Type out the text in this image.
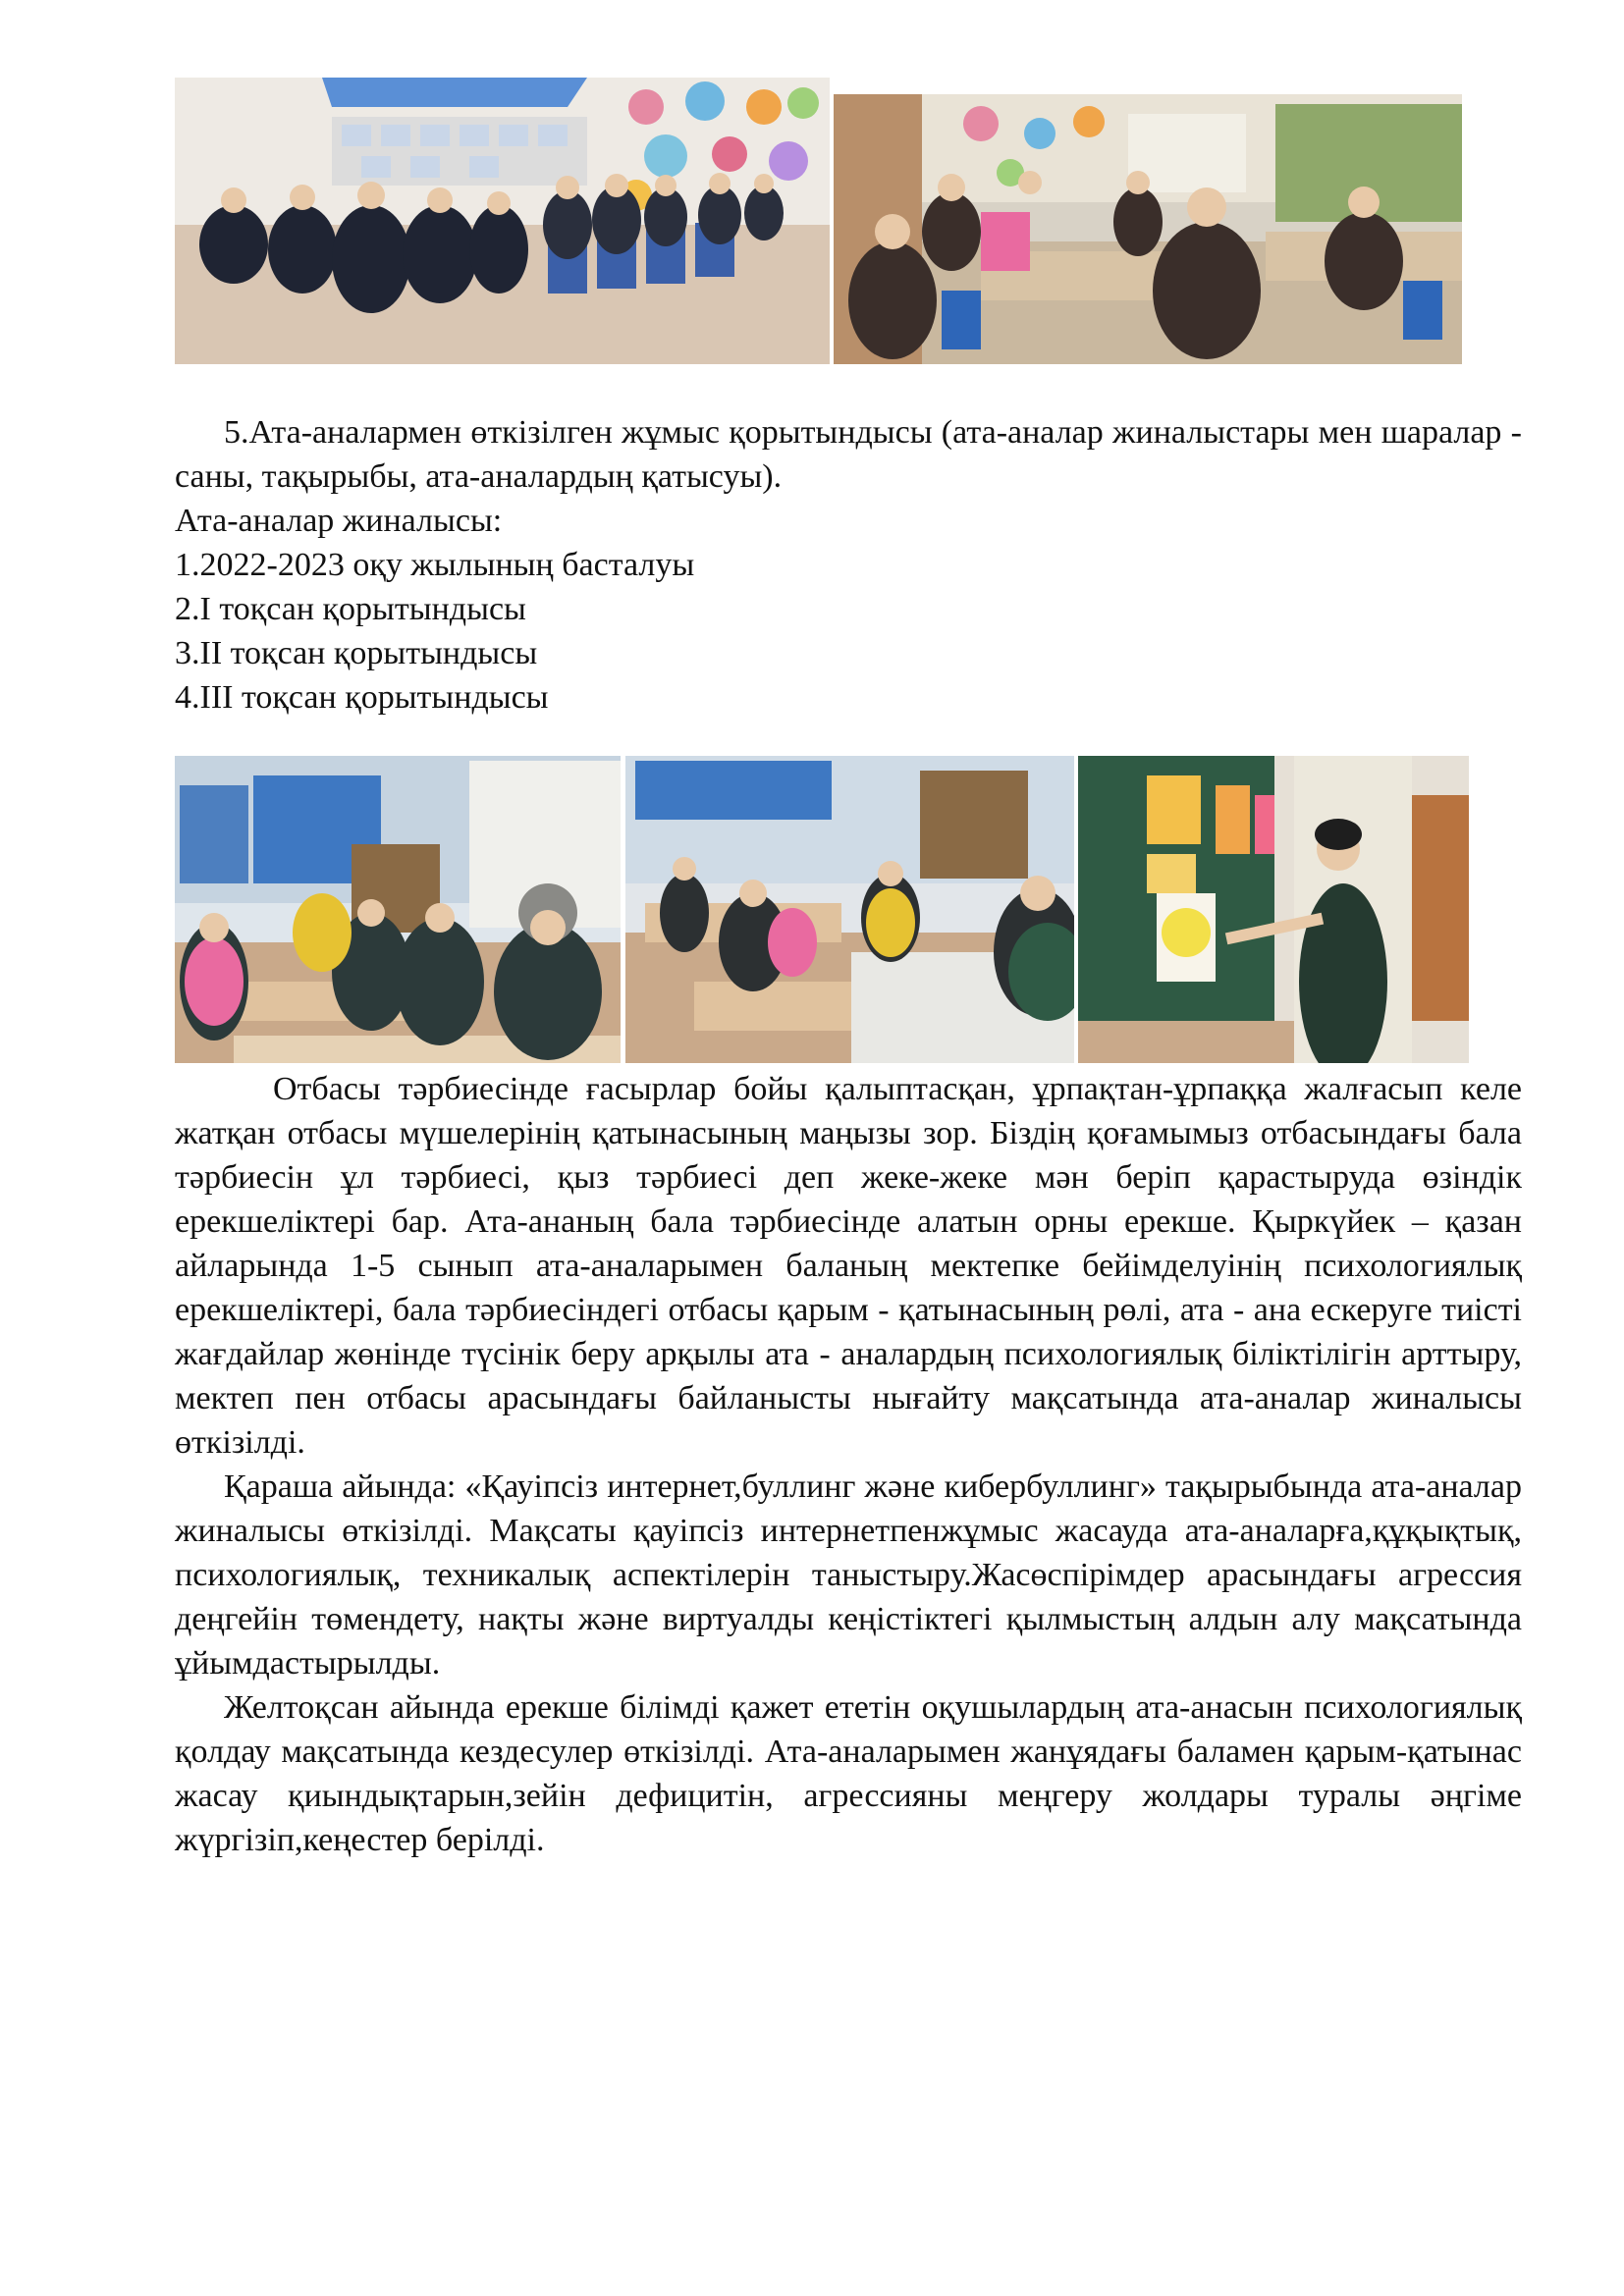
5.Ата-аналармен өткізілген жұмыс қорытындысы (ата-аналар жиналыстары мен шаралар - саны, тақырыбы, ата-аналардың қатысуы).

Ата-аналар жиналысы:

1.2022-2023 оқу жылының басталуы

2.I тоқсан қорытындысы

3.II тоқсан қорытындысы

4.III тоқсан қорытындысы

Отбасы тәрбиесінде ғасырлар бойы қалыптасқан, ұрпақтан-ұрпаққа жалғасып келе жатқан отбасы мүшелерінің қатынасының маңызы зор. Біздің қоғамымыз отбасындағы бала тәрбиесін ұл тәрбиесі, қыз тәрбиесі деп жеке-жеке мән беріп қарастыруда өзіндік ерекшеліктері бар. Ата-ананың бала тәрбиесінде алатын орны ерекше. Қыркүйек – қазан айларында 1-5 сынып ата-аналарымен баланың мектепке бейімделуінің психологиялық ерекшеліктері, бала тәрбиесіндегі отбасы қарым - қатынасының рөлі, ата - ана ескеруге тиісті жағдайлар жөнінде түсінік беру арқылы ата - аналардың психологиялық біліктілігін арттыру, мектеп пен отбасы арасындағы байланысты нығайту мақсатында ата-аналар жиналысы өткізілді.

Қараша айында: «Қауіпсіз интернет,буллинг және кибербуллинг» тақырыбында ата-аналар жиналысы өткізілді. Мақсаты қауіпсіз интернетпенжұмыс жасауда ата-аналарға,құқықтық, психологиялық, техникалық аспектілерін таныстыру.Жасөспірімдер арасындағы агрессия деңгейін төмендету, нақты және виртуалды кеңістіктегі қылмыстың алдын алу мақсатында ұйымдастырылды.

Желтоқсан айында ерекше білімді қажет ететін оқушылардың ата-анасын психологиялық қолдау мақсатында кездесулер өткізілді. Ата-аналарымен жанұядағы баламен қарым-қатынас жасау қиындықтарын,зейін дефицитін, агрессияны меңгеру жолдары туралы әңгіме жүргізіп,кеңестер берілді.
